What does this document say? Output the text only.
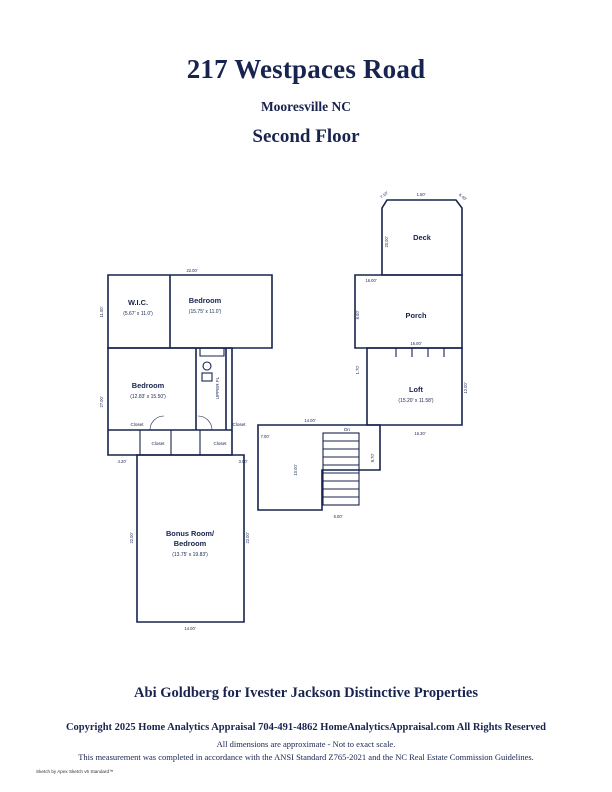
217 Westpaces Road
Mooresville NC
Second Floor
Deck
7.10'	1.50'	6.40'
20.00'
Porch
16.00'
8.00'
1.70'
Loft
(15.20' x 11.58')
16.00'
12.00'
16.30'
22.00'
W.I.C.
(5.67' x 11.0')
Bedroom
(15.75' x 11.0')
11.00'
Bedroom
(12.83' x 15.50')
27.00'
UPPER FL
Closet	Closet
Closet	Closet
4.20'	3.00'
14.00'
7.00'
10.00'
9.70'
6.00'
Dn
Bonus Room/
Bedroom
(13.75' x 19.83')
22.00'	22.00'
14.00'
Abi Goldberg for Ivester Jackson Distinctive Properties
Copyright 2025 Home Analytics Appraisal 704-491-4862 HomeAnalyticsAppraisal.com All Rights Reserved
All dimensions are approximate - Not to exact scale.
This measurement was completed in accordance with the ANSI Standard Z765-2021 and the NC Real Estate Commission Guidelines.
Sketch by Apex Sketch v5 Standard™
